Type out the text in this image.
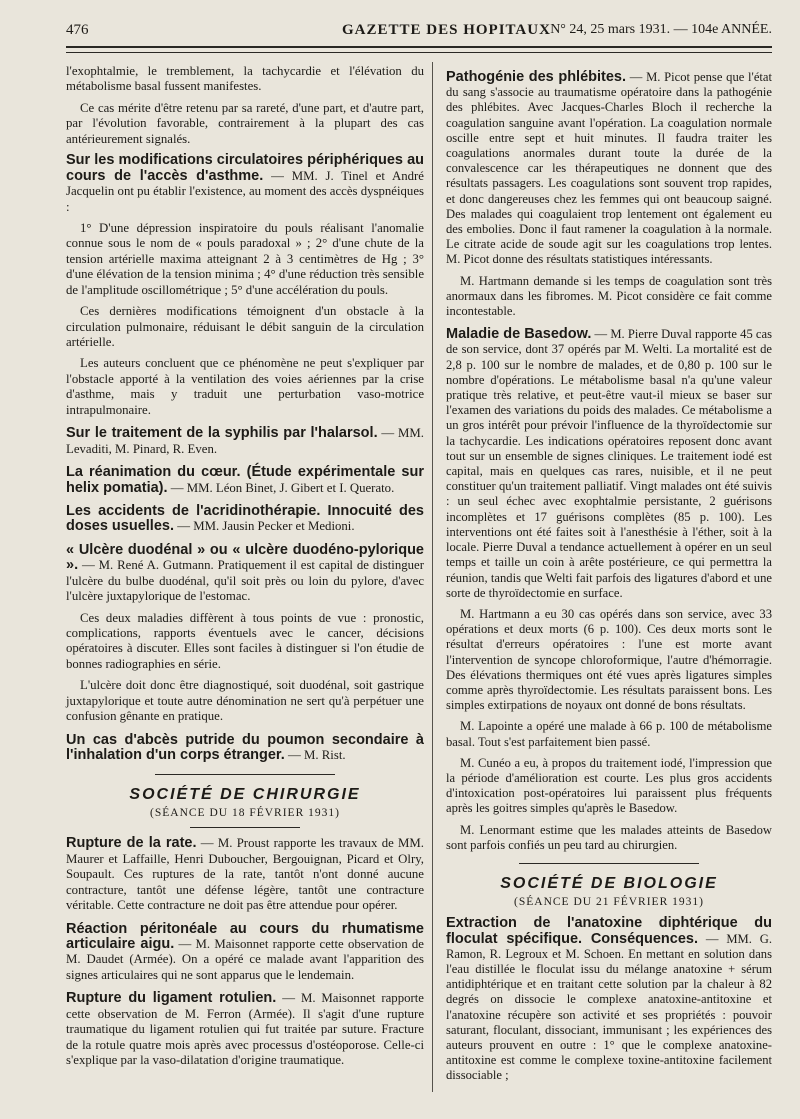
476	GAZETTE DES HOPITAUX N° 24, 25 mars 1931. — 104e ANNÉE.

l'exophtalmie, le tremblement, la tachycardie et l'élévation du métabolisme basal fussent manifestes.

Ce cas mérite d'être retenu par sa rareté, d'une part, et d'autre part, par l'évolution favorable, contrairement à la plupart des cas antérieurement signalés.

Sur les modifications circulatoires périphériques au cours de l'accès d'asthme. — MM. J. Tinel et André Jacquelin ont pu établir l'existence, au moment des accès dyspnéiques :

1° D'une dépression inspiratoire du pouls réalisant l'anomalie connue sous le nom de « pouls paradoxal » ; 2° d'une chute de la tension artérielle maxima atteignant 2 à 3 centimètres de Hg ; 3° d'une élévation de la tension minima ; 4° d'une réduction très sensible de l'amplitude oscillométrique ; 5° d'une accélération du pouls.

Ces dernières modifications témoignent d'un obstacle à la circulation pulmonaire, réduisant le débit sanguin de la circulation artérielle.

Les auteurs concluent que ce phénomène ne peut s'expliquer par l'obstacle apporté à la ventilation des voies aériennes par la crise d'asthme, mais y traduit une perturbation vaso-motrice intrapulmonaire.

Sur le traitement de la syphilis par l'halarsol. — MM. Levaditi, M. Pinard, R. Even.

La réanimation du cœur. (Étude expérimentale sur helix pomatia). — MM. Léon Binet, J. Gibert et I. Querato.

Les accidents de l'acridinothérapie. Innocuité des doses usuelles. — MM. Jausin Pecker et Medioni.

« Ulcère duodénal » ou « ulcère duodéno-pylorique ». — M. René A. Gutmann. Pratiquement il est capital de distinguer l'ulcère du bulbe duodénal, qu'il soit près ou loin du pylore, d'avec l'ulcère juxtapylorique de l'estomac.

Ces deux maladies diffèrent à tous points de vue : pronostic, complications, rapports éventuels avec le cancer, décisions opératoires à discuter. Elles sont faciles à distinguer si l'on étudie de bonnes radiographies en série.

L'ulcère doit donc être diagnostiqué, soit duodénal, soit gastrique juxtapylorique et toute autre dénomination ne sert qu'à perpétuer une confusion gênante en pratique.

Un cas d'abcès putride du poumon secondaire à l'inhalation d'un corps étranger. — M. Rist.

SOCIÉTÉ DE CHIRURGIE
(SÉANCE DU 18 FÉVRIER 1931)

Rupture de la rate. — M. Proust rapporte les travaux de MM. Maurer et Laffaille, Henri Duboucher, Bergouignan, Picard et Olry, Soupault. Ces ruptures de la rate, tantôt n'ont donné aucune contracture, tantôt une défense légère, tantôt une contracture véritable. Cette contracture ne doit pas être attendue pour opérer.

Réaction péritonéale au cours du rhumatisme articulaire aigu. — M. Maisonnet rapporte cette observation de M. Daudet (Armée). On a opéré ce malade avant l'apparition des signes articulaires qui ne sont apparus que le lendemain.

Rupture du ligament rotulien. — M. Maisonnet rapporte cette observation de M. Ferron (Armée). Il s'agit d'une rupture traumatique du ligament rotulien qui fut traitée par suture. Fracture de la rotule quatre mois après avec processus d'ostéoporose. Celle-ci s'explique par la vaso-dilatation d'origine traumatique.

Pathogénie des phlébites. — M. Picot pense que l'état du sang s'associe au traumatisme opératoire dans la pathogénie des phlébites. Avec Jacques-Charles Bloch il recherche la coagulation sanguine avant l'opération. La coagulation normale oscille entre sept et huit minutes. Il faudra traiter les coagulations anormales durant toute la durée de la convalescence car les thérapeutiques ne donnent que des résultats passagers. Les coagulations sont souvent trop rapides, et donc dangereuses chez les femmes qui ont beaucoup saigné. Des malades qui coagulaient trop lentement ont également eu des embolies. Donc il faut ramener la coagulation à la normale. Le citrate acide de soude agit sur les coagulations trop lentes. M. Picot donne des résultats statistiques intéressants.

M. Hartmann demande si les temps de coagulation sont très anormaux dans les fibromes. M. Picot considère ce fait comme incontestable.

Maladie de Basedow. — M. Pierre Duval rapporte 45 cas de son service, dont 37 opérés par M. Welti. La mortalité est de 2,8 p. 100 sur le nombre de malades, et de 0,80 p. 100 sur le nombre d'opérations. Le métabolisme basal n'a qu'une valeur pratique très relative, et peut-être vaut-il mieux se baser sur l'examen des variations du poids des malades. Ce métabolisme a un gros intérêt pour prévoir l'influence de la thyroïdectomie sur la tachycardie. Les indications opératoires reposent donc avant tout sur un ensemble de signes cliniques. Le traitement iodé est capital, mais en quelques cas rares, nuisible, et il ne peut constituer qu'un traitement palliatif. Vingt malades ont été suivis : un seul échec avec exophtalmie persistante, 2 guérisons incomplètes et 17 guérisons complètes (85 p. 100). Les interventions ont été faites soit à l'anesthésie à l'éther, soit à la locale. Pierre Duval a tendance actuellement à opérer en un seul temps et taille un coin à arête postérieure, ce qui permettra la réunion, tandis que Welti fait parfois des ligatures d'abord et une sorte de thyroïdectomie en surface.

M. Hartmann a eu 30 cas opérés dans son service, avec 33 opérations et deux morts (6 p. 100). Ces deux morts sont le résultat d'erreurs opératoires : l'une est morte avant l'intervention de syncope chloroformique, l'autre d'hémorragie. Des élévations thermiques ont été vues après ligatures simples comme après thyroïdectomie. Les résultats paraissent bons. Les simples extirpations de noyaux ont donné de bons résultats.

M. Lapointe a opéré une malade à 66 p. 100 de métabolisme basal. Tout s'est parfaitement bien passé.

M. Cunéo a eu, à propos du traitement iodé, l'impression que la période d'amélioration est courte. Les plus gros accidents d'intoxication post-opératoires lui paraissent plus fréquents après les goitres simples qu'après le Basedow.

M. Lenormant estime que les malades atteints de Basedow sont parfois confiés un peu tard au chirurgien.

SOCIÉTÉ DE BIOLOGIE
(SÉANCE DU 21 FÉVRIER 1931)

Extraction de l'anatoxine diphtérique du floculat spécifique. Conséquences. — MM. G. Ramon, R. Legroux et M. Schoen. En mettant en solution dans l'eau distillée le floculat issu du mélange anatoxine + sérum antidiphtérique et en traitant cette solution par la chaleur à 82 degrés on dissocie le complexe anatoxine-antitoxine et l'anatoxine récupère son activité et ses propriétés : pouvoir saturant, floculant, dissociant, immunisant ; les expériences des auteurs prouvent en outre : 1° que le complexe anatoxine-antitoxine est comme le complexe toxine-antitoxine facilement dissociable ;
